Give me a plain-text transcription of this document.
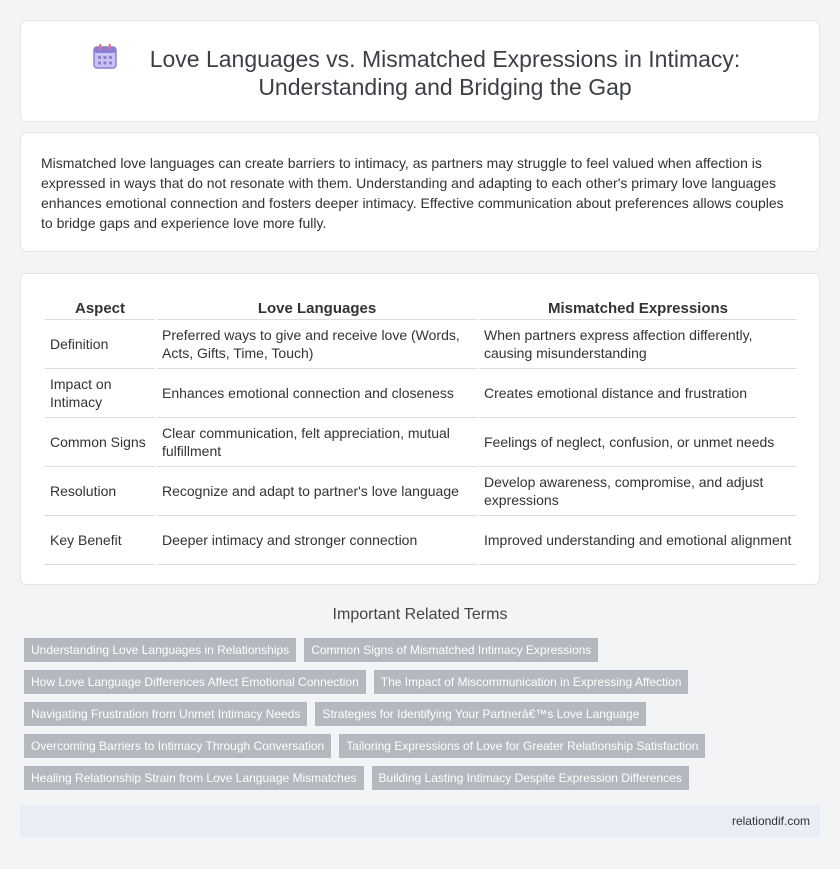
Love Languages vs. Mismatched Expressions in Intimacy: Understanding and Bridging the Gap

Mismatched love languages can create barriers to intimacy, as partners may struggle to feel valued when affection is expressed in ways that do not resonate with them. Understanding and adapting to each other's primary love languages enhances emotional connection and fosters deeper intimacy. Effective communication about preferences allows couples to bridge gaps and experience love more fully.

Aspect	Love Languages	Mismatched Expressions
Definition	Preferred ways to give and receive love (Words, Acts, Gifts, Time, Touch)	When partners express affection differently, causing misunderstanding
Impact on Intimacy	Enhances emotional connection and closeness	Creates emotional distance and frustration
Common Signs	Clear communication, felt appreciation, mutual fulfillment	Feelings of neglect, confusion, or unmet needs
Resolution	Recognize and adapt to partner's love language	Develop awareness, compromise, and adjust expressions
Key Benefit	Deeper intimacy and stronger connection	Improved understanding and emotional alignment
Important Related Terms
Understanding Love Languages in Relationships	Common Signs of Mismatched Intimacy Expressions
How Love Language Differences Affect Emotional Connection	The Impact of Miscommunication in Expressing Affection
Navigating Frustration from Unmet Intimacy Needs	Strategies for Identifying Your Partnerâ€™s Love Language
Overcoming Barriers to Intimacy Through Conversation	Tailoring Expressions of Love for Greater Relationship Satisfaction
Healing Relationship Strain from Love Language Mismatches	Building Lasting Intimacy Despite Expression Differences
relationdif.com
